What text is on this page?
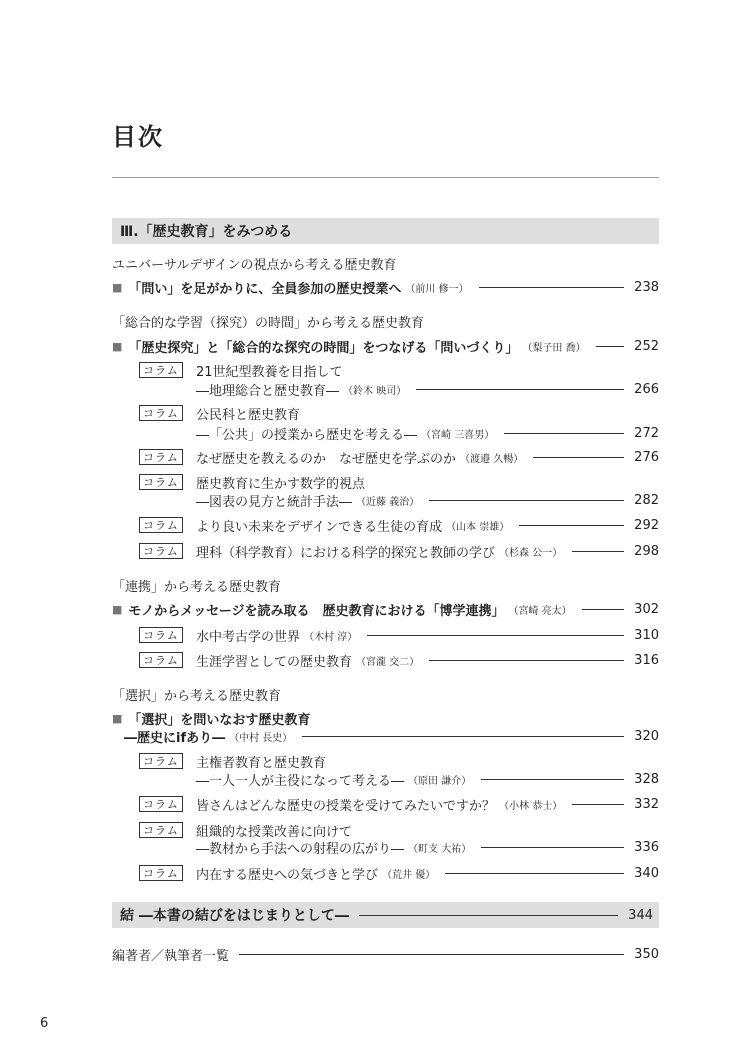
目次
Ⅲ.「歴史教育」をみつめる
ユニバーサルデザインの視点から考える歴史教育
■ 「問い」を足がかりに、全員参加の歴史授業へ （前川 修一）	238
「総合的な学習（探究）の時間」から考える歴史教育
■ 「歴史探究」と「総合的な探究の時間」をつなげる「問いづくり」 （梨子田 喬）	252
コラム	21世紀型教養を目指して
―地理総合と歴史教育― （鈴木 映司）	266
コラム	公民科と歴史教育
―「公共」の授業から歴史を考える― （宮崎 三喜男）	272
コラム	なぜ歴史を教えるのか　なぜ歴史を学ぶのか （渡邉 久暢）	276
コラム	歴史教育に生かす数学的視点
―図表の見方と統計手法― （近藤 義治）	282
コラム	より良い未来をデザインできる生徒の育成 （山本 崇雄）	292
コラム	理科（科学教育）における科学的探究と教師の学び （杉森 公一）	298
「連携」から考える歴史教育
■ モノからメッセージを読み取る　歴史教育における「博学連携」 （宮崎 亮太）	302
コラム	水中考古学の世界 （木村 淳）	310
コラム	生涯学習としての歴史教育 （宮瀧 交二）	316
「選択」から考える歴史教育
■ 「選択」を問いなおす歴史教育
―歴史にifあり― （中村 長史）	320
コラム	主権者教育と歴史教育
―一人一人が主役になって考える― （原田 謙介）	328
コラム	皆さんはどんな歴史の授業を受けてみたいですか？ （小林 恭士）	332
コラム	組織的な授業改善に向けて
―教材から手法への射程の広がり― （町支 大祐）	336
コラム	内在する歴史への気づきと学び （荒井 優）	340
結 ―本書の結びをはじまりとして―	344
編著者／執筆者一覧	350
6
